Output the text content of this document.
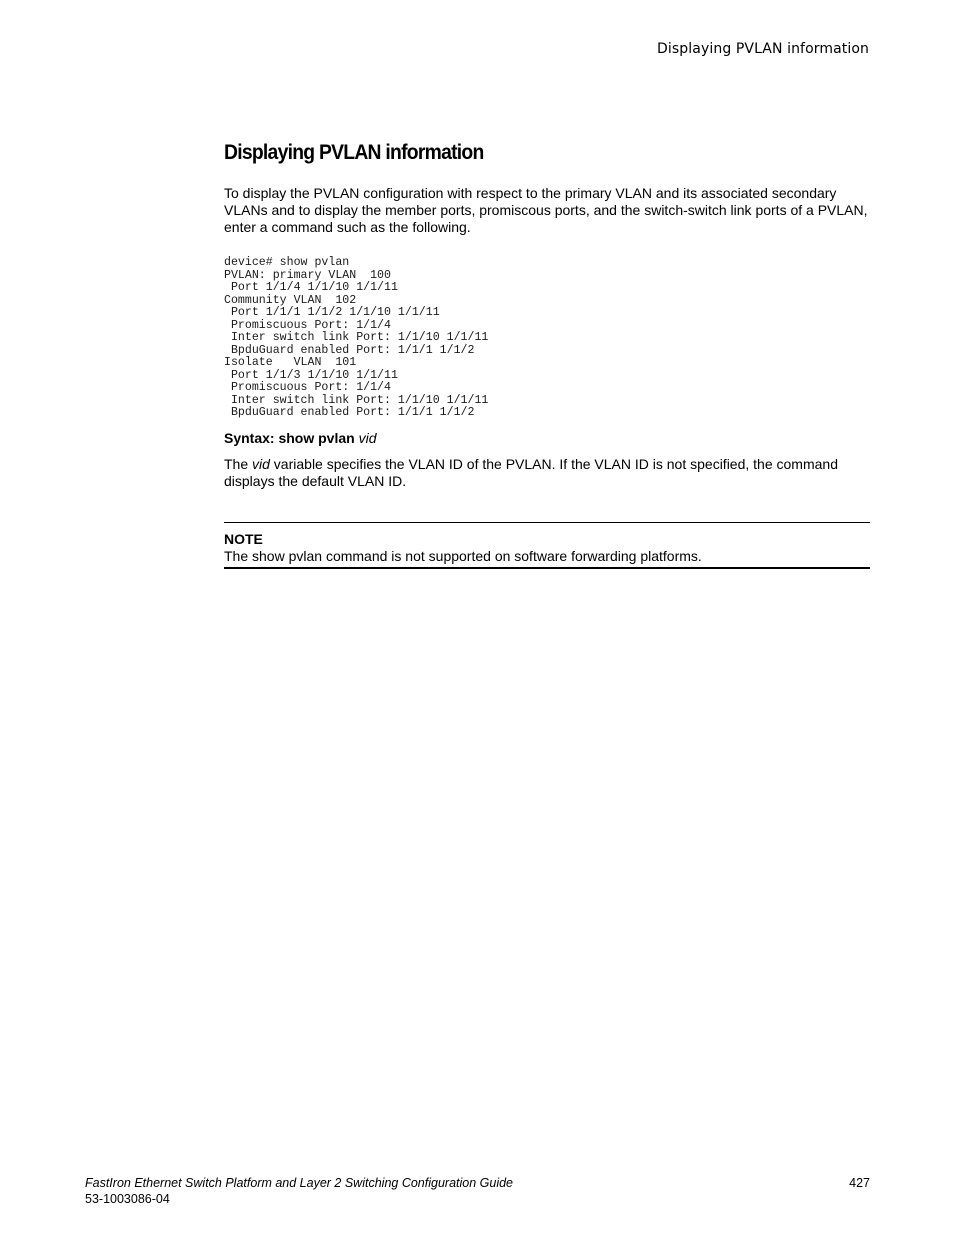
Displaying PVLAN information
Displaying PVLAN information

To display the PVLAN configuration with respect to the primary VLAN and its associated secondary VLANs and to display the member ports, promiscous ports, and the switch-switch link ports of a PVLAN, enter a command such as the following.

device# show pvlan
PVLAN: primary VLAN  100
Port 1/1/4 1/1/10 1/1/11
Community VLAN  102
Port 1/1/1 1/1/2 1/1/10 1/1/11
Promiscuous Port: 1/1/4
Inter switch link Port: 1/1/10 1/1/11
BpduGuard enabled Port: 1/1/1 1/1/2
Isolate   VLAN  101
Port 1/1/3 1/1/10 1/1/11
Promiscuous Port: 1/1/4
Inter switch link Port: 1/1/10 1/1/11
BpduGuard enabled Port: 1/1/1 1/1/2
Syntax: show pvlan vid

The vid variable specifies the VLAN ID of the PVLAN. If the VLAN ID is not specified, the command displays the default VLAN ID.

NOTE
The show pvlan command is not supported on software forwarding platforms.
FastIron Ethernet Switch Platform and Layer 2 Switching Configuration Guide
53-1003086-04
427
